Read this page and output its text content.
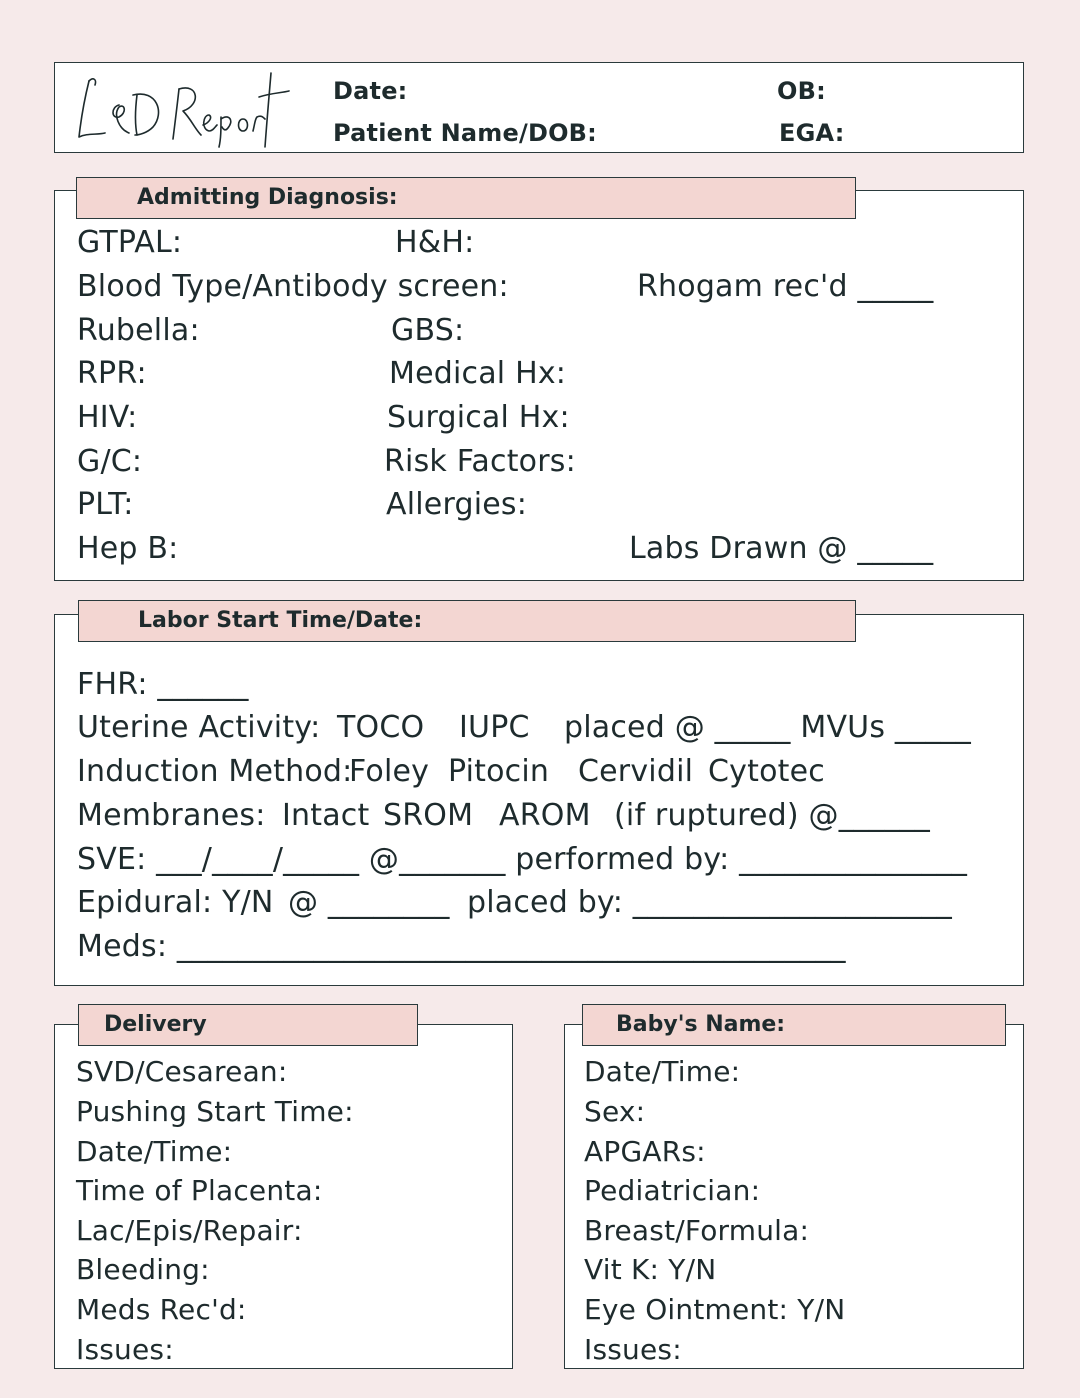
Date:
Patient Name/DOB:
OB:
EGA:
Admitting Diagnosis:
GTPAL:	H&H:
Blood Type/Antibody screen:	Rhogam rec'd _____
Rubella:	GBS:
RPR:	Medical Hx:
HIV:	Surgical Hx:
G/C:	Risk Factors:
PLT:	Allergies:
Hep B:	Labs Drawn @ _____
Labor Start Time/Date:
FHR: ______
Uterine Activity: TOCO IUPC placed @ _____ MVUs _____
Induction Method:
Foley Pitocin Cervidil Cytotec
Membranes: Intact SROM AROM (if ruptured) @______
SVE: ___/____/_____ @_______ performed by: _______________
Epidural: Y/N @ ________ placed by: _____________________
Meds: ____________________________________________
Delivery
SVD/Cesarean:
Pushing Start Time:
Date/Time:
Time of Placenta:
Lac/Epis/Repair:
Bleeding:
Meds Rec'd:
Issues:
Baby's Name:
Date/Time:
Sex:
APGARs:
Pediatrician:
Breast/Formula:
Vit K: Y/N
Eye Ointment: Y/N
Issues:
